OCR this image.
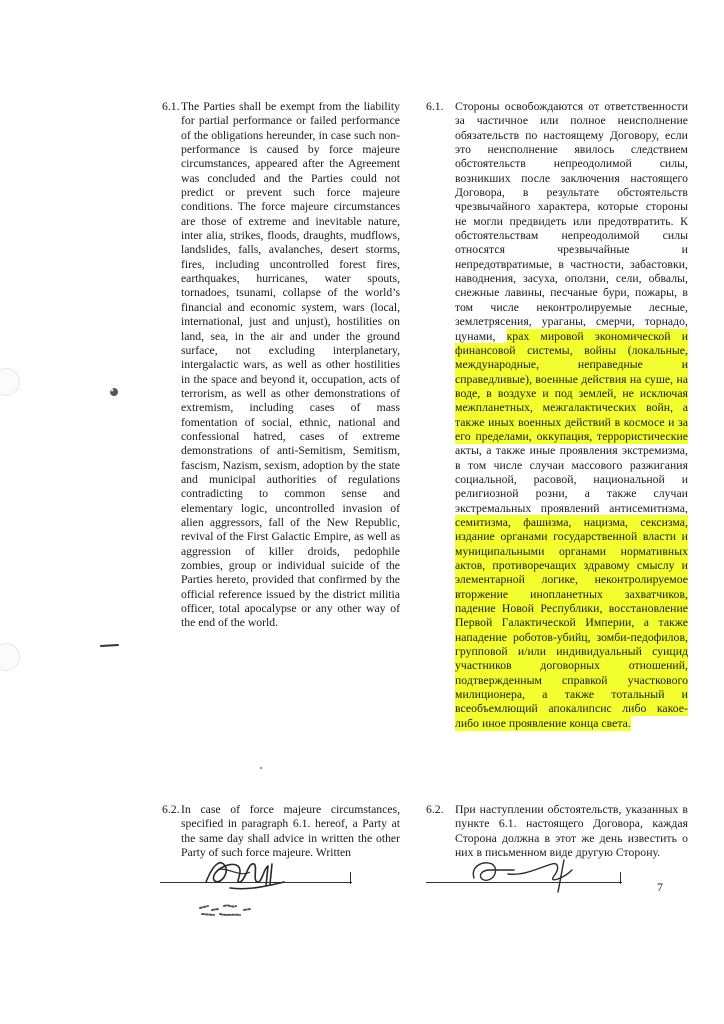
6.1. The Parties shall be exempt from the liability for partial performance or failed performance of the obligations hereunder, in case such non-performance is caused by force majeure circumstances, appeared after the Agreement was concluded and the Parties could not predict or prevent such force majeure conditions. The force majeure circumstances are those of extreme and inevitable nature, inter alia, strikes, floods, draughts, mudflows, landslides, falls, avalanches, desert storms, fires, including uncontrolled forest fires, earthquakes, hurricanes, water spouts, tornadoes, tsunami, collapse of the world’s financial and economic system, wars (local, international, just and unjust), hostilities on land, sea, in the air and under the ground surface, not excluding interplanetary, intergalactic wars, as well as other hostilities in the space and beyond it, occupation, acts of terrorism, as well as other demonstrations of extremism, including cases of mass fomentation of social, ethnic, national and confessional hatred, cases of extreme demonstrations of anti-Semitism, Semitism, fascism, Nazism, sexism, adoption by the state and municipal authorities of regulations contradicting to common sense and elementary logic, uncontrolled invasion of alien aggressors, fall of the New Republic, revival of the First Galactic Empire, as well as aggression of killer droids, pedophile zombies, group or individual suicide of the Parties hereto, provided that confirmed by the official reference issued by the district militia officer, total apocalypse or any other way of the end of the world.
6.1. Стороны освобождаются от ответственности за частичное или полное неисполнение обязательств по настоящему Договору, если это неисполнение явилось следствием обстоятельств непреодолимой силы, возникших после заключения настоящего Договора, в результате обстоятельств чрезвычайного характера, которые стороны не могли предвидеть или предотвратить. К обстоятельствам непреодолимой силы относятся чрезвычайные и непредотвратимые, в частности, забастовки, наводнения, засуха, оползни, сели, обвалы, снежные лавины, песчаные бури, пожары, в том числе неконтролируемые лесные, землетрясения, ураганы, смерчи, торнадо, цунами, крах мировой экономической и финансовой системы, войны (локальные, международные, неправедные и справедливые), военные действия на суше, на воде, в воздухе и под землей, не исключая межпланетных, межгалактических войн, а также иных военных действий в космосе и за его пределами, оккупация, террористические акты, а также иные проявления экстремизма, в том числе случаи массового разжигания социальной, расовой, национальной и религиозной розни, а также случаи экстремальных проявлений антисемитизма, семитизма, фашизма, нацизма, сексизма, издание органами государственной власти и муниципальными органами нормативных актов, противоречащих здравому смыслу и элементарной логике, неконтролируемое вторжение инопланетных захватчиков, падение Новой Республики, восстановление Первой Галактической Империи, а также нападение роботов-убийц, зомби-педофилов, групповой и/или индивидуальный суицид участников договорных отношений, подтвержденным справкой участкового милиционера, а также тотальный и всеобъемлющий апокалипсис либо какое-либо иное проявление конца света.
6.2. In case of force majeure circumstances, specified in paragraph 6.1. hereof, a Party at the same day shall advice in written the other Party of such force majeure. Written
6.2. При наступлении обстоятельств, указанных в пункте 6.1. настоящего Договора, каждая Сторона должна в этот же день известить о них в письменном виде другую Сторону.
7
